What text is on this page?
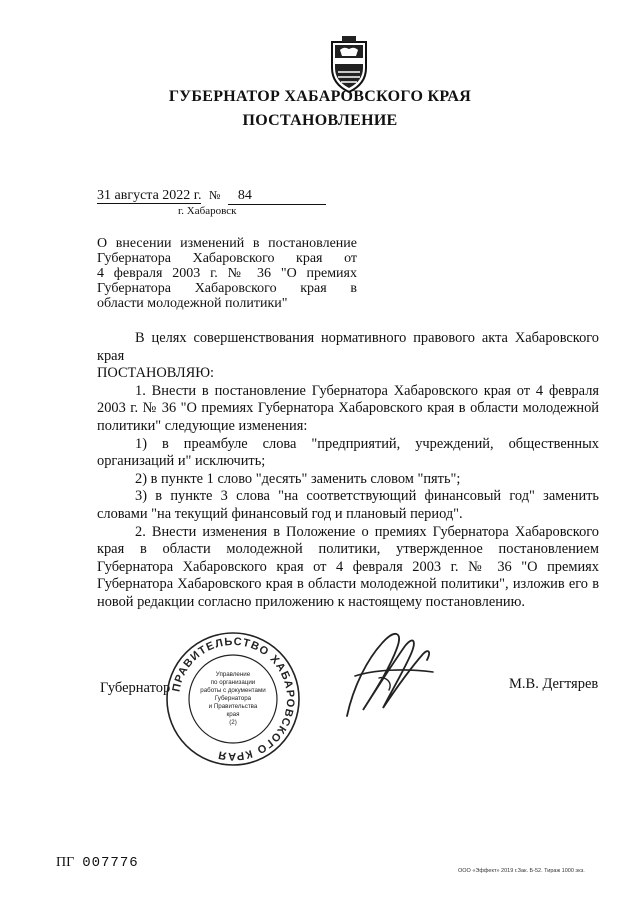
ГУБЕРНАТОР ХАБАРОВСКОГО КРАЯ
ПОСТАНОВЛЕНИЕ
31 августа 2022 г. № 84
г. Хабаровск
О внесении изменений в постановление
Губернатора Хабаровского края от
4 февраля 2003 г. № 36 "О премиях
Губернатора Хабаровского края в
области молодежной политики"

В целях совершенствования нормативного правового акта Хабаровского края

ПОСТАНОВЛЯЮ:

1. Внести в постановление Губернатора Хабаровского края от 4 февраля 2003 г. № 36 "О премиях Губернатора Хабаровского края в области молодежной политики" следующие изменения:

1) в преамбуле слова "предприятий, учреждений, общественных организаций и" исключить;

2) в пункте 1 слово "десять" заменить словом "пять";

3) в пункте 3 слова "на соответствующий финансовый год" заменить словами "на текущий финансовый год и плановый период".

2. Внести изменения в Положение о премиях Губернатора Хабаровского края в области молодежной политики, утвержденное постановлением Губернатора Хабаровского края от 4 февраля 2003 г. № 36 "О премиях Губернатора Хабаровского края в области молодежной политики", изложив его в новой редакции согласно приложению к настоящему постановлению.

Губернатор ПРАВИТЕЛЬСТВО ХАБАРОВСКОГО КРАЯ
Управление
по организации
работы с документами
Губернатора
и Правительства
края
(2)
М.В. Дегтярев
ПГ 007776	ООО «Эффект» 2019 г.Зак. Б-52. Тираж 1000 экз.
